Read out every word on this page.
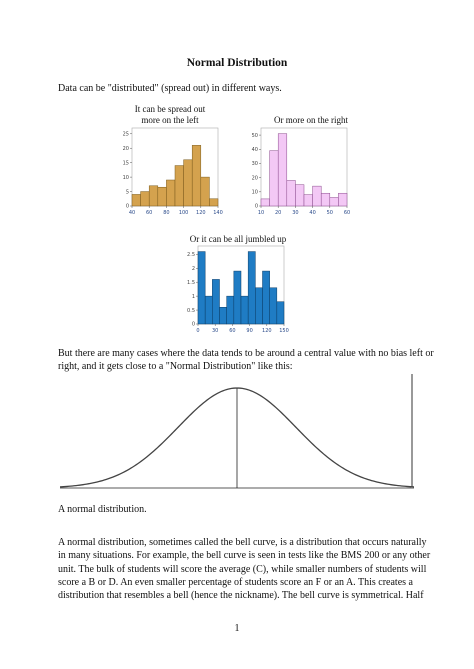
Normal Distribution
Data can be "distributed" (spread out) in different ways.
It can be spread out
more on the left	Or more on the right
Or it can be all jumbled up
0
5
10
15
20
25
40 60 80 100 120 140
0
10
20
30
40
50
10 20 30 40 50 60
0
0.5
1
1.5
2
2.5
0 30 60 90 120 150
But there are many cases where the data tends to be around a central value with no bias left or
right, and it gets close to a "Normal Distribution" like this:
A normal distribution.
A normal distribution, sometimes called the bell curve, is a distribution that occurs naturally
in many situations. For example, the bell curve is seen in tests like the BMS 200 or any other
unit. The bulk of students will score the average (C), while smaller numbers of students will
score a B or D. An even smaller percentage of students score an F or an A. This creates a
distribution that resembles a bell (hence the nickname). The bell curve is symmetrical. Half
1
